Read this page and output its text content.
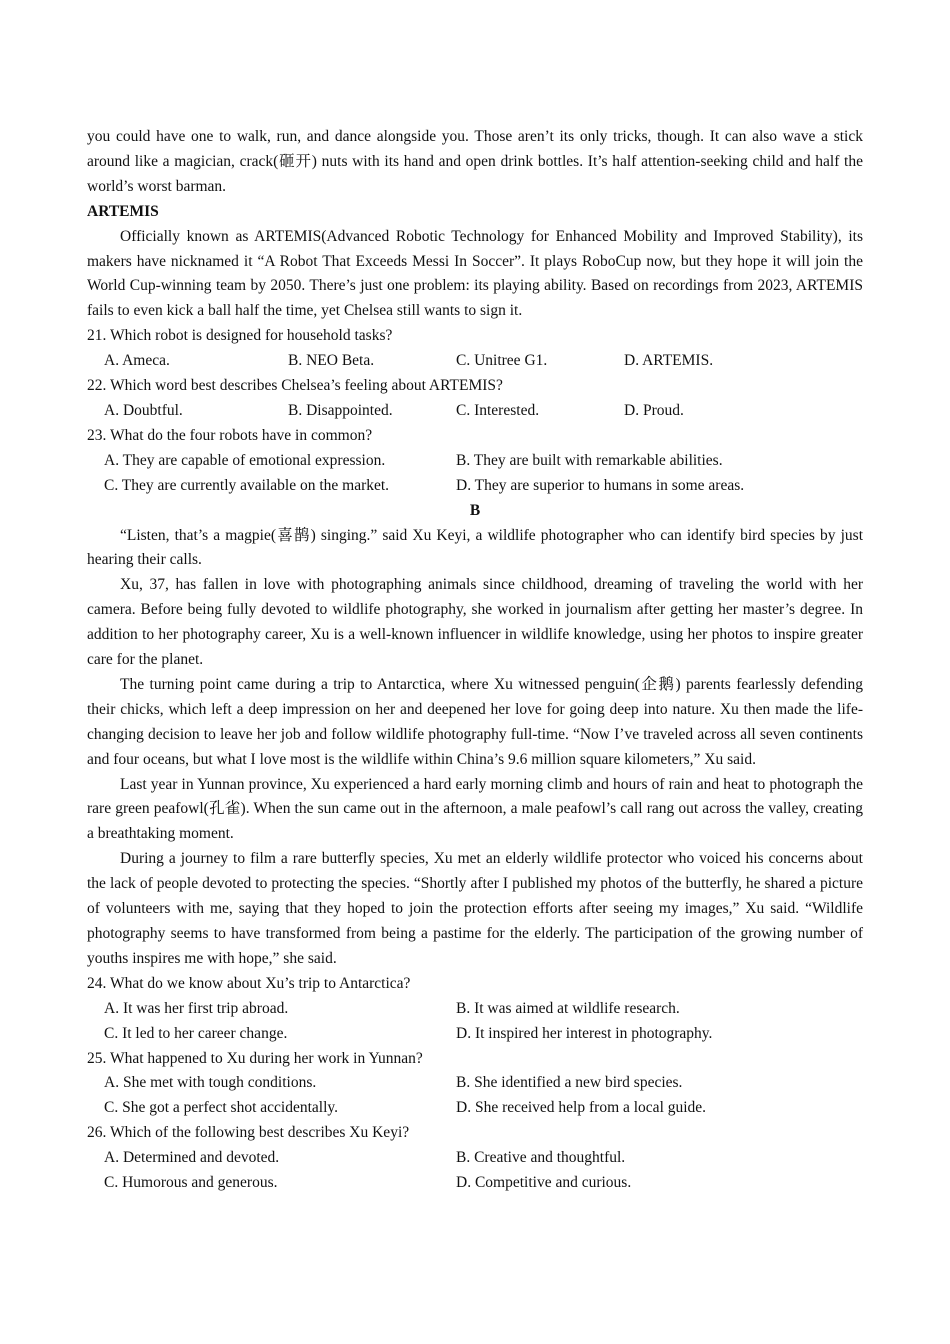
you could have one to walk, run, and dance alongside you. Those aren’t its only tricks, though. It can also wave a stick around like a magician, crack(砸开) nuts with its hand and open drink bottles. It’s half attention-seeking child and half the world’s worst barman.

ARTEMIS

Officially known as ARTEMIS(Advanced Robotic Technology for Enhanced Mobility and Improved Stability), its makers have nicknamed it “A Robot That Exceeds Messi In Soccer”. It plays RoboCup now, but they hope it will join the World Cup-winning team by 2050. There’s just one problem: its playing ability. Based on recordings from 2023, ARTEMIS fails to even kick a ball half the time, yet Chelsea still wants to sign it.

21. Which robot is designed for household tasks?

A. Ameca.	B. NEO Beta.	C. Unitree G1.	D. ARTEMIS.

22. Which word best describes Chelsea’s feeling about ARTEMIS?

A. Doubtful.	B. Disappointed.	C. Interested.	D. Proud.

23. What do the four robots have in common?

A. They are capable of emotional expression.	B. They are built with remarkable abilities.
C. They are currently available on the market.	D. They are superior to humans in some areas.

B

“Listen, that’s a magpie(喜鹊) singing.” said Xu Keyi, a wildlife photographer who can identify bird species by just hearing their calls.

Xu, 37, has fallen in love with photographing animals since childhood, dreaming of traveling the world with her camera. Before being fully devoted to wildlife photography, she worked in journalism after getting her master’s degree. In addition to her photography career, Xu is a well-known influencer in wildlife knowledge, using her photos to inspire greater care for the planet.

The turning point came during a trip to Antarctica, where Xu witnessed penguin(企鹅) parents fearlessly defending their chicks, which left a deep impression on her and deepened her love for going deep into nature. Xu then made the life-changing decision to leave her job and follow wildlife photography full-time. “Now I’ve traveled across all seven continents and four oceans, but what I love most is the wildlife within China’s 9.6 million square kilometers,” Xu said.

Last year in Yunnan province, Xu experienced a hard early morning climb and hours of rain and heat to photograph the rare green peafowl(孔雀). When the sun came out in the afternoon, a male peafowl’s call rang out across the valley, creating a breathtaking moment.

During a journey to film a rare butterfly species, Xu met an elderly wildlife protector who voiced his concerns about the lack of people devoted to protecting the species. “Shortly after I published my photos of the butterfly, he shared a picture of volunteers with me, saying that they hoped to join the protection efforts after seeing my images,” Xu said. “Wildlife photography seems to have transformed from being a pastime for the elderly. The participation of the growing number of youths inspires me with hope,” she said.

24. What do we know about Xu’s trip to Antarctica?

A. It was her first trip abroad.	B. It was aimed at wildlife research.
C. It led to her career change.	D. It inspired her interest in photography.

25. What happened to Xu during her work in Yunnan?

A. She met with tough conditions.	B. She identified a new bird species.
C. She got a perfect shot accidentally.	D. She received help from a local guide.

26. Which of the following best describes Xu Keyi?

A. Determined and devoted.	B. Creative and thoughtful.
C. Humorous and generous.	D. Competitive and curious.
